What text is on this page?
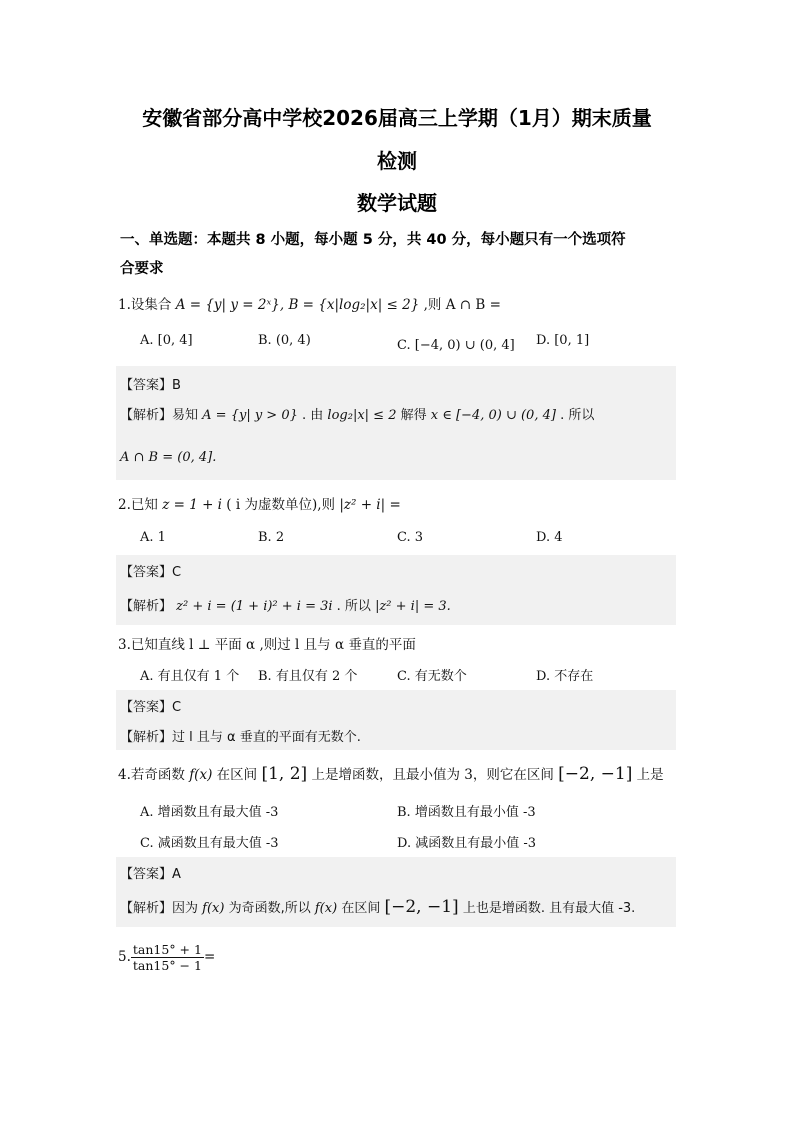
安徽省部分高中学校2026届高三上学期（1月）期末质量
检测
数学试题
一、单选题：本题共 8 小题，每小题 5 分，共 40 分，每小题只有一个选项符
合要求
1.设集合 A = {y| y = 2ˣ}, B = {x|log₂|x| ≤ 2} ,则 A ∩ B =
A. [0, 4]	B. (0, 4)	C. [−4, 0) ∪ (0, 4] D. [0, 1]
【答案】B
【解析】易知 A = {y| y > 0} . 由 log₂|x| ≤ 2 解得 x ∈ [−4, 0) ∪ (0, 4] . 所以
A ∩ B = (0, 4].
2.已知 z = 1 + i ( i 为虚数单位),则 |z² + i| =
A. 1	B. 2	C. 3	D. 4
【答案】C
【解析】 z² + i = (1 + i)² + i = 3i . 所以 |z² + i| = 3.
3.已知直线 l ⊥ 平面 α ,则过 l 且与 α 垂直的平面
A. 有且仅有 1 个 B. 有且仅有 2 个	C. 有无数个	D. 不存在
【答案】C
【解析】过 l 且与 α 垂直的平面有无数个.
4.若奇函数 f(x) 在区间 [1, 2] 上是增函数，且最小值为 3，则它在区间 [−2, −1] 上是
A. 增函数且有最大值 -3	B. 增函数且有最小值 -3
C. 减函数且有最大值 -3	D. 减函数且有最小值 -3
【答案】A
【解析】因为 f(x) 为奇函数,所以 f(x) 在区间 [−2, −1] 上也是增函数. 且有最大值 -3.
5. $\frac{\tan 15^\circ + 1}{\tan 15^\circ - 1}$ =
